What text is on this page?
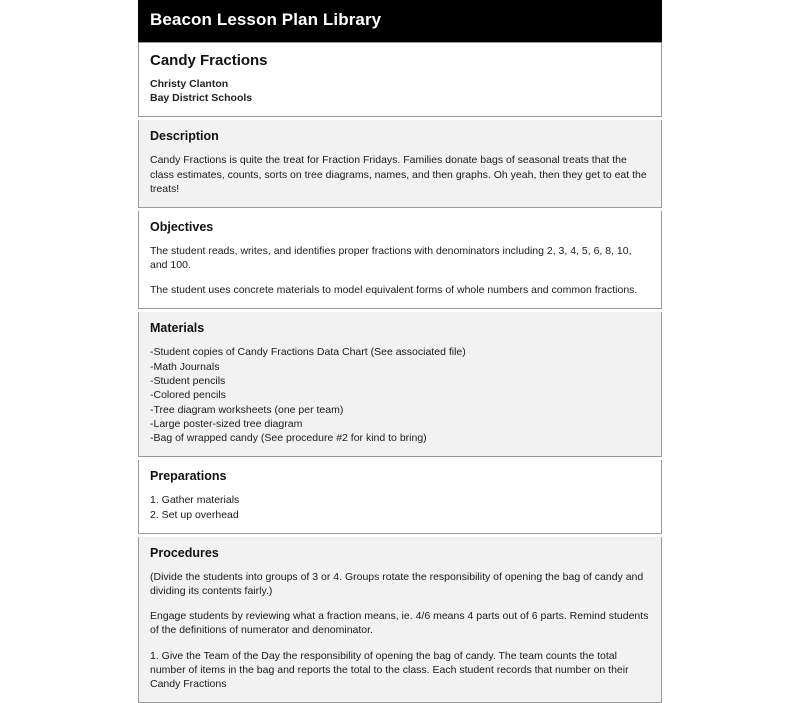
Beacon Lesson Plan Library
Candy Fractions
Christy Clanton
Bay District Schools
Description

Candy Fractions is quite the treat for Fraction Fridays. Families donate bags of seasonal treats that the class estimates, counts, sorts on tree diagrams, names, and then graphs. Oh yeah, then they get to eat the treats!

Objectives

The student reads, writes, and identifies proper fractions with denominators including 2, 3, 4, 5, 6, 8, 10, and 100.

The student uses concrete materials to model equivalent forms of whole numbers and common fractions.

Materials
-Student copies of Candy Fractions Data Chart (See associated file)
-Math Journals
-Student pencils
-Colored pencils
-Tree diagram worksheets (one per team)
-Large poster-sized tree diagram
-Bag of wrapped candy (See procedure #2 for kind to bring)
Preparations
1. Gather materials
2. Set up overhead
Procedures

(Divide the students into groups of 3 or 4. Groups rotate the responsibility of opening the bag of candy and dividing its contents fairly.)

Engage students by reviewing what a fraction means, ie. 4/6 means 4 parts out of 6 parts. Remind students of the definitions of numerator and denominator.

1. Give the Team of the Day the responsibility of opening the bag of candy. The team counts the total number of items in the bag and reports the total to the class. Each student records that number on their Candy Fractions
